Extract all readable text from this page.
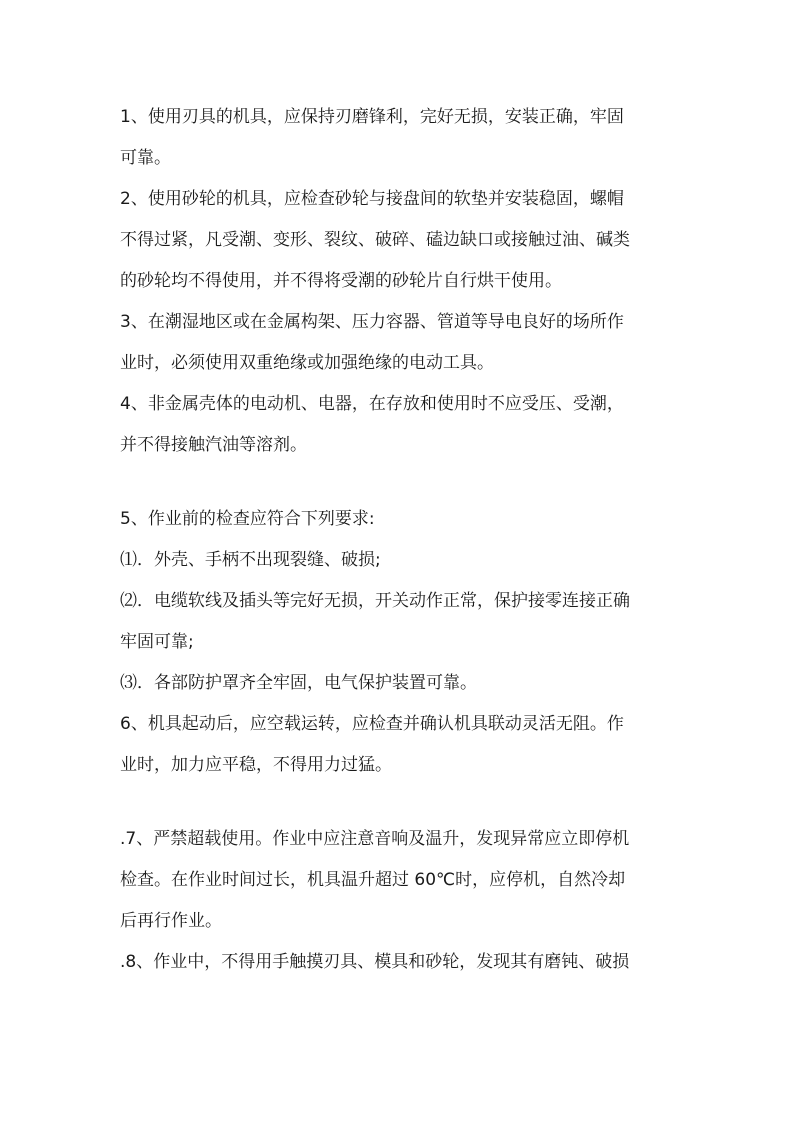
1、使用刃具的机具，应保持刃磨锋利，完好无损，安装正确，牢固
可靠。
2、使用砂轮的机具，应检查砂轮与接盘间的软垫并安装稳固，螺帽
不得过紧，凡受潮、变形、裂纹、破碎、磕边缺口或接触过油、碱类
的砂轮均不得使用，并不得将受潮的砂轮片自行烘干使用。
3、在潮湿地区或在金属构架、压力容器、管道等导电良好的场所作
业时，必须使用双重绝缘或加强绝缘的电动工具。
4、非金属壳体的电动机、电器，在存放和使用时不应受压、受潮，
并不得接触汽油等溶剂。
5、作业前的检查应符合下列要求:
⑴．外壳、手柄不出现裂缝、破损;
⑵．电缆软线及插头等完好无损，开关动作正常，保护接零连接正确
牢固可靠;
⑶．各部防护罩齐全牢固，电气保护装置可靠。
6、机具起动后，应空载运转，应检查并确认机具联动灵活无阻。作
业时，加力应平稳，不得用力过猛。
.7、严禁超载使用。作业中应注意音响及温升，发现异常应立即停机
检查。在作业时间过长，机具温升超过 60℃时，应停机，自然冷却
后再行作业。
.8、作业中，不得用手触摸刃具、模具和砂轮，发现其有磨钝、破损
